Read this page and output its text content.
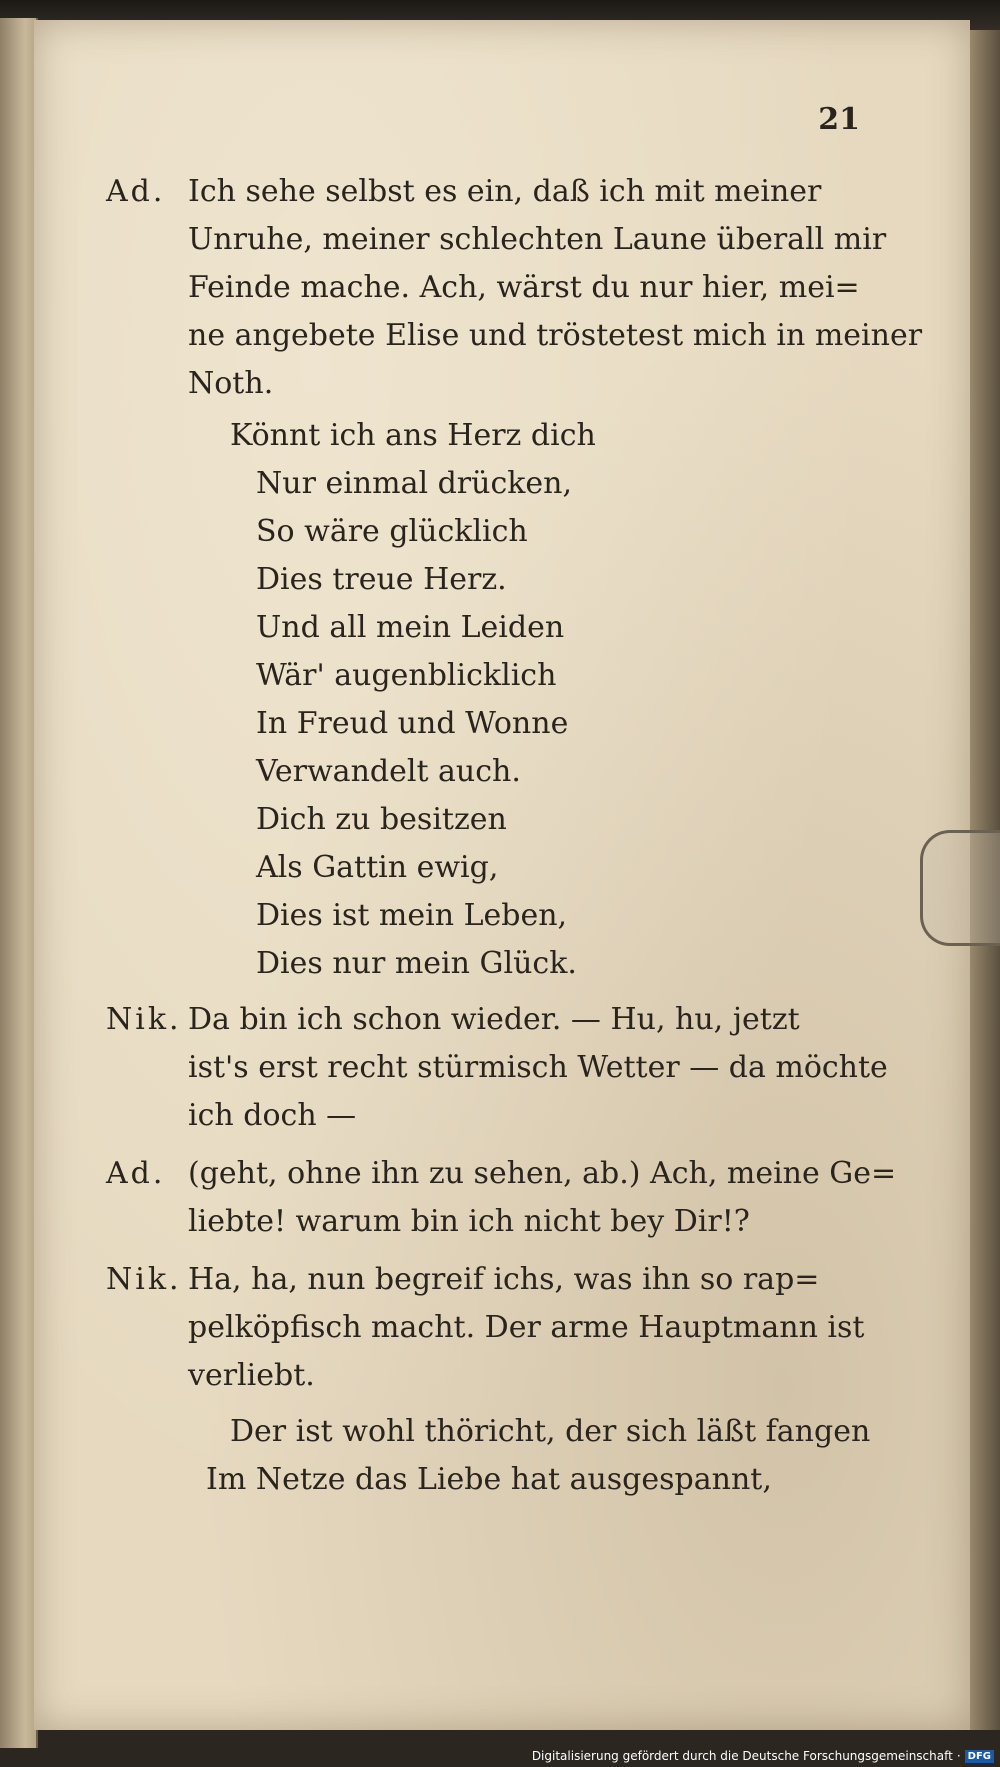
21
Ad. Ich sehe selbst es ein, daß ich mit meiner
Unruhe, meiner schlechten Laune überall mir
Feinde mache. Ach, wärst du nur hier, mei=
ne angebete Elise und tröstetest mich in meiner
Noth.
Könnt ich ans Herz dich
Nur einmal drücken,
So wäre glücklich
Dies treue Herz.
Und all mein Leiden
Wär' augenblicklich
In Freud und Wonne
Verwandelt auch.
Dich zu besitzen
Als Gattin ewig,
Dies ist mein Leben,
Dies nur mein Glück.
Nik. Da bin ich schon wieder. — Hu, hu, jetzt
ist's erst recht stürmisch Wetter — da möchte
ich doch —
Ad. (geht, ohne ihn zu sehen, ab.) Ach, meine Ge=
liebte! warum bin ich nicht bey Dir!?
Nik. Ha, ha, nun begreif ichs, was ihn so rap=
pelköpfisch macht. Der arme Hauptmann ist
verliebt.
Der ist wohl thöricht, der sich läßt fangen
Im Netze das Liebe hat ausgespannt,
Digitalisierung gefördert durch die Deutsche Forschungsgemeinschaft · DFG
